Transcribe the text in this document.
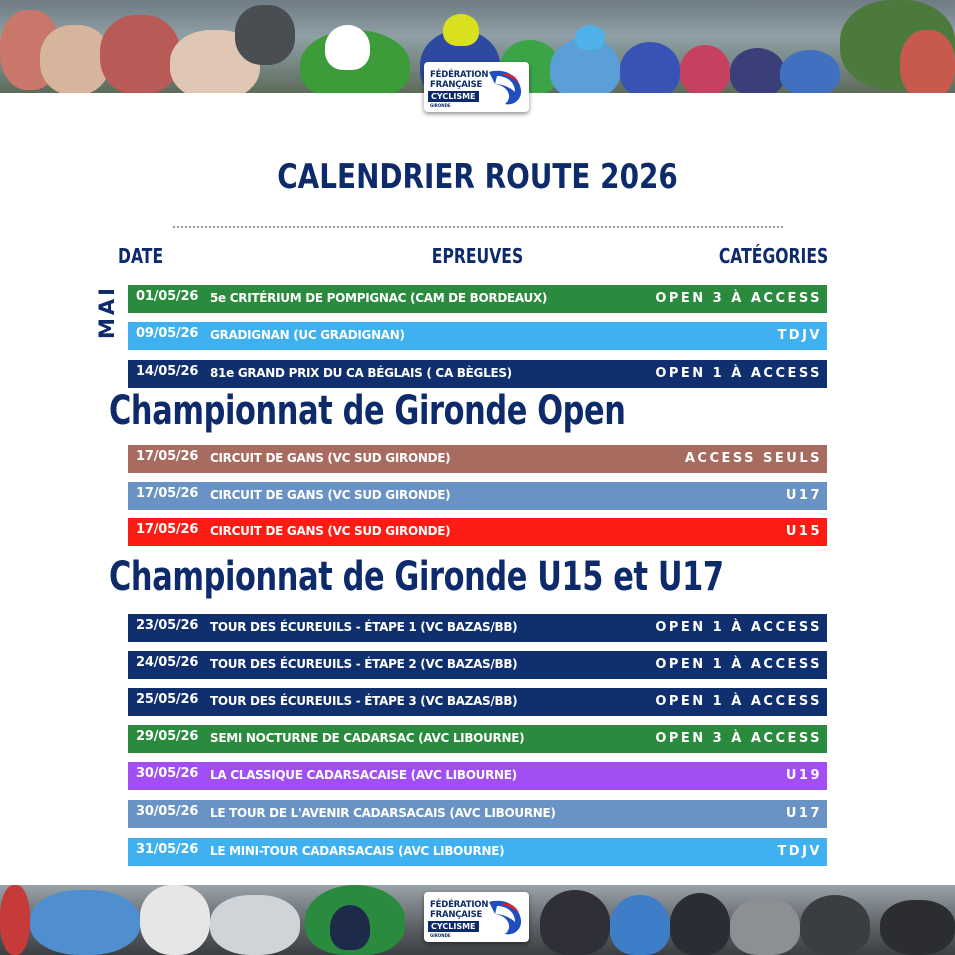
FÉDÉRATION
FRANÇAISE
CYCLISME
GIRONDE
CALENDRIER ROUTE 2026
DATE	EPREUVES	CATÉGORIES
MAI
Championnat de Gironde Open
Championnat de Gironde U15 et U17
01/05/26 5e CRITÉRIUM DE POMPIGNAC (CAM DE BORDEAUX)	OPEN 3 À ACCESS
09/05/26 GRADIGNAN (UC GRADIGNAN)	TDJV
14/05/26 81e GRAND PRIX DU CA BÉGLAIS ( CA BÈGLES)	OPEN 1 À ACCESS
17/05/26 CIRCUIT DE GANS (VC SUD GIRONDE)	ACCESS SEULS
17/05/26 CIRCUIT DE GANS (VC SUD GIRONDE)	U17
17/05/26 CIRCUIT DE GANS (VC SUD GIRONDE)	U15
23/05/26 TOUR DES ÉCUREUILS - ÉTAPE 1 (VC BAZAS/BB)	OPEN 1 À ACCESS
24/05/26 TOUR DES ÉCUREUILS - ÉTAPE 2 (VC BAZAS/BB)	OPEN 1 À ACCESS
25/05/26 TOUR DES ÉCUREUILS - ÉTAPE 3 (VC BAZAS/BB)	OPEN 1 À ACCESS
29/05/26 SEMI NOCTURNE DE CADARSAC (AVC LIBOURNE)	OPEN 3 À ACCESS
30/05/26 LA CLASSIQUE CADARSACAISE (AVC LIBOURNE)	U19
30/05/26 LE TOUR DE L'AVENIR CADARSACAIS (AVC LIBOURNE)	U17
31/05/26 LE MINI-TOUR CADARSACAIS (AVC LIBOURNE)	TDJV
FÉDÉRATION
FRANÇAISE
CYCLISME
GIRONDE
